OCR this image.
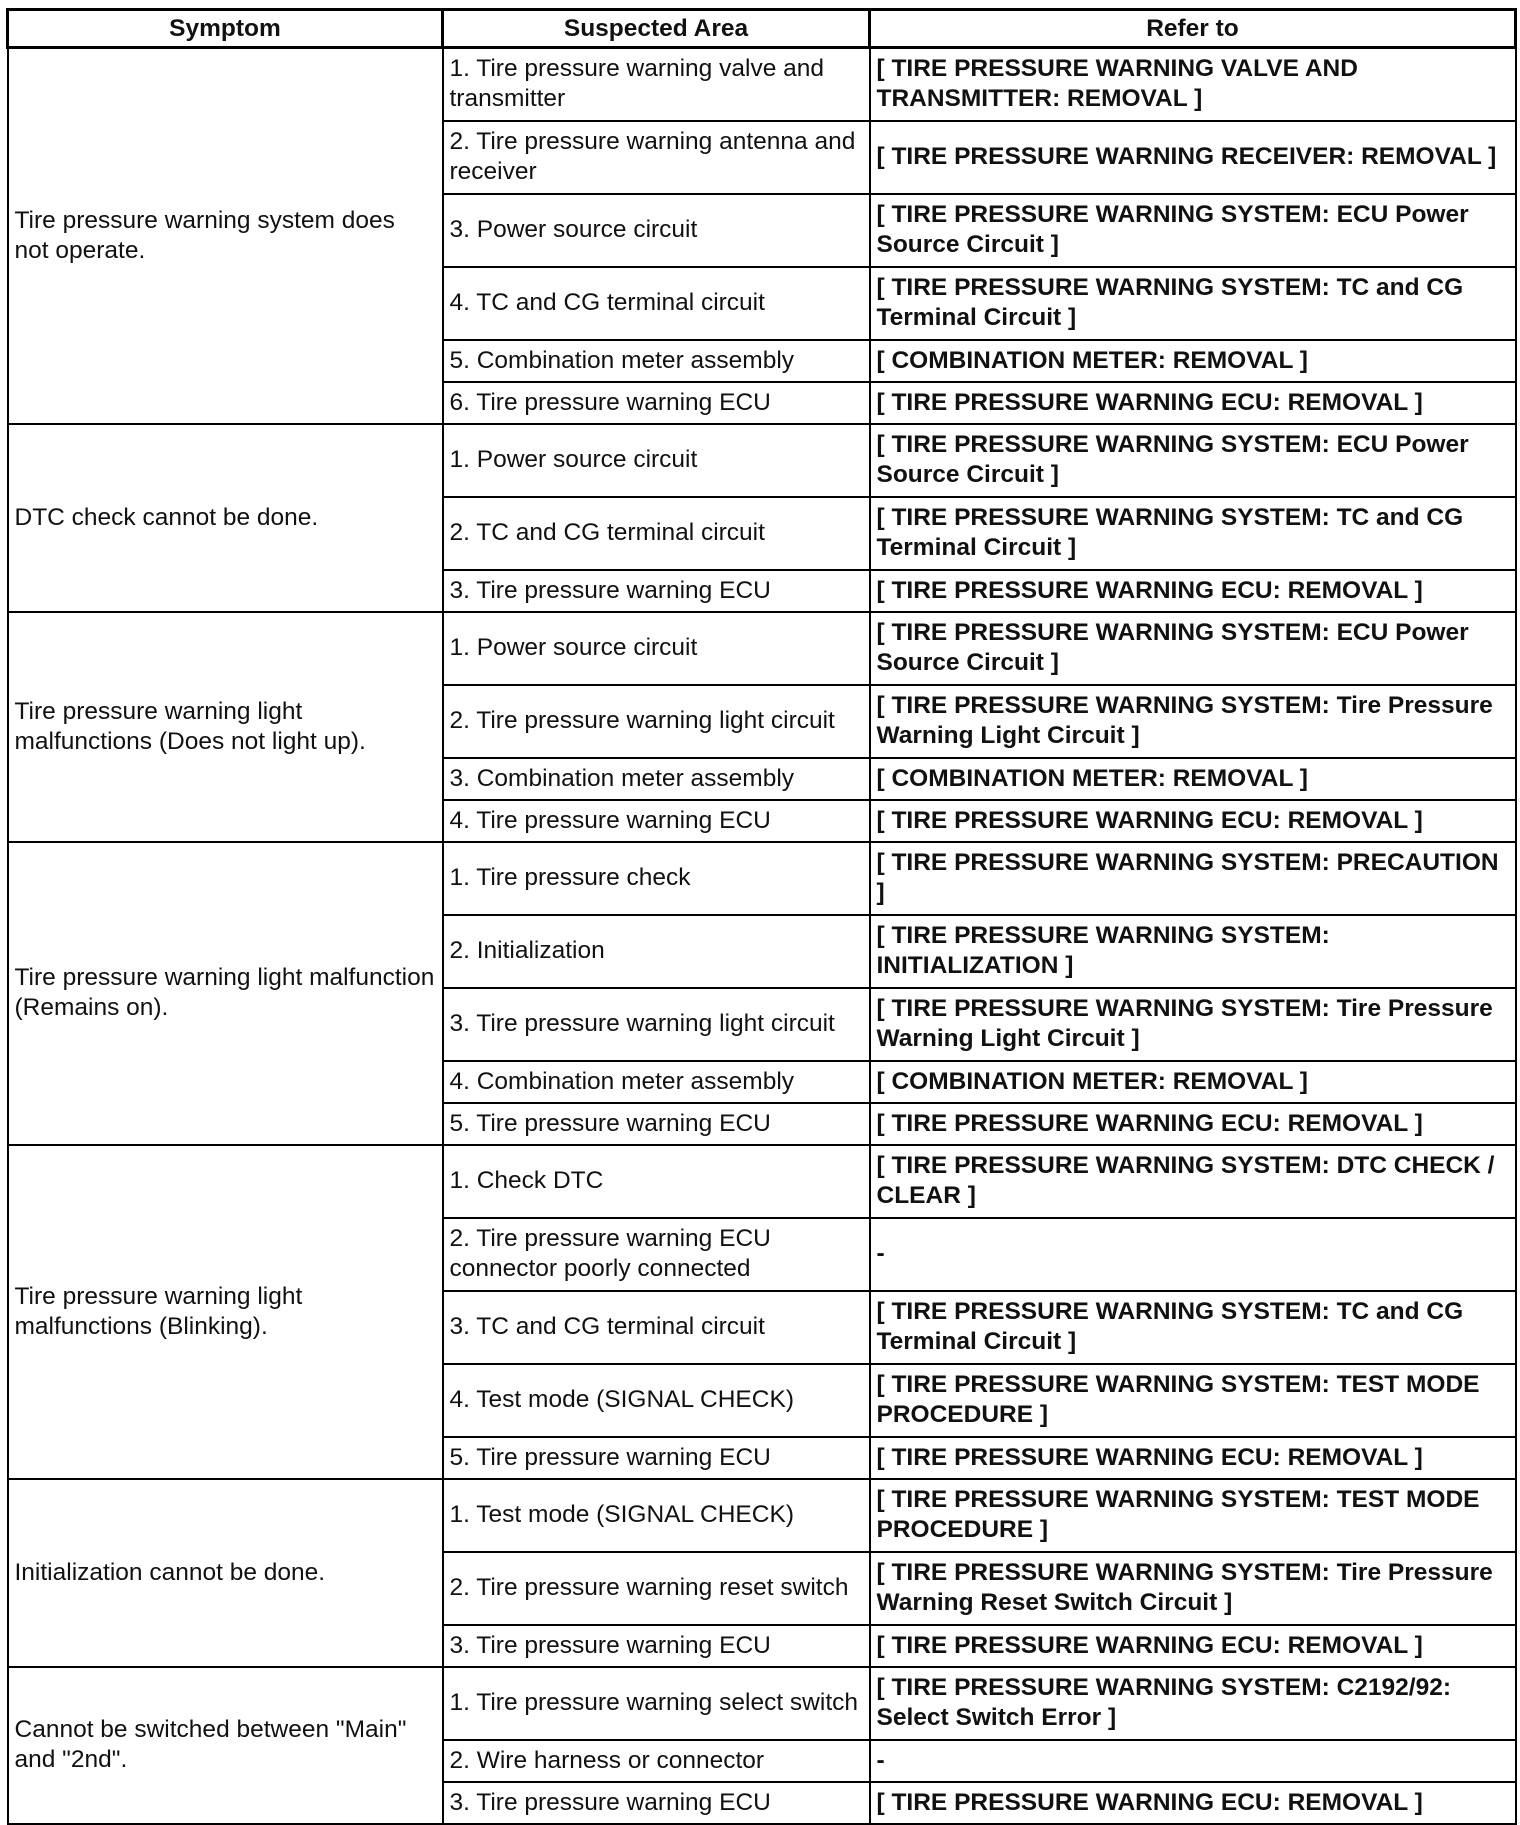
Symptom	Suspected Area	Refer to
Tire pressure warning system does not operate.	1. Tire pressure warning valve and transmitter	[ TIRE PRESSURE WARNING VALVE AND TRANSMITTER: REMOVAL ]
	2. Tire pressure warning antenna and receiver	[ TIRE PRESSURE WARNING RECEIVER: REMOVAL ]
	3. Power source circuit	[ TIRE PRESSURE WARNING SYSTEM: ECU Power Source Circuit ]
	4. TC and CG terminal circuit	[ TIRE PRESSURE WARNING SYSTEM: TC and CG Terminal Circuit ]
	5. Combination meter assembly	[ COMBINATION METER: REMOVAL ]
	6. Tire pressure warning ECU	[ TIRE PRESSURE WARNING ECU: REMOVAL ]
DTC check cannot be done.	1. Power source circuit	[ TIRE PRESSURE WARNING SYSTEM: ECU Power Source Circuit ]
	2. TC and CG terminal circuit	[ TIRE PRESSURE WARNING SYSTEM: TC and CG Terminal Circuit ]
	3. Tire pressure warning ECU	[ TIRE PRESSURE WARNING ECU: REMOVAL ]
Tire pressure warning light malfunctions (Does not light up).	1. Power source circuit	[ TIRE PRESSURE WARNING SYSTEM: ECU Power Source Circuit ]
	2. Tire pressure warning light circuit	[ TIRE PRESSURE WARNING SYSTEM: Tire Pressure Warning Light Circuit ]
	3. Combination meter assembly	[ COMBINATION METER: REMOVAL ]
	4. Tire pressure warning ECU	[ TIRE PRESSURE WARNING ECU: REMOVAL ]
Tire pressure warning light malfunction (Remains on).	1. Tire pressure check	[ TIRE PRESSURE WARNING SYSTEM: PRECAUTION ]
	2. Initialization	[ TIRE PRESSURE WARNING SYSTEM: INITIALIZATION ]
	3. Tire pressure warning light circuit	[ TIRE PRESSURE WARNING SYSTEM: Tire Pressure Warning Light Circuit ]
	4. Combination meter assembly	[ COMBINATION METER: REMOVAL ]
	5. Tire pressure warning ECU	[ TIRE PRESSURE WARNING ECU: REMOVAL ]
Tire pressure warning light malfunctions (Blinking).	1. Check DTC	[ TIRE PRESSURE WARNING SYSTEM: DTC CHECK / CLEAR ]
	2. Tire pressure warning ECU connector poorly connected	-
	3. TC and CG terminal circuit	[ TIRE PRESSURE WARNING SYSTEM: TC and CG Terminal Circuit ]
	4. Test mode (SIGNAL CHECK)	[ TIRE PRESSURE WARNING SYSTEM: TEST MODE PROCEDURE ]
	5. Tire pressure warning ECU	[ TIRE PRESSURE WARNING ECU: REMOVAL ]
Initialization cannot be done.	1. Test mode (SIGNAL CHECK)	[ TIRE PRESSURE WARNING SYSTEM: TEST MODE PROCEDURE ]
	2. Tire pressure warning reset switch	[ TIRE PRESSURE WARNING SYSTEM: Tire Pressure Warning Reset Switch Circuit ]
	3. Tire pressure warning ECU	[ TIRE PRESSURE WARNING ECU: REMOVAL ]
Cannot be switched between "Main" and "2nd".	1. Tire pressure warning select switch	[ TIRE PRESSURE WARNING SYSTEM: C2192/92: Select Switch Error ]
	2. Wire harness or connector	-
	3. Tire pressure warning ECU	[ TIRE PRESSURE WARNING ECU: REMOVAL ]
